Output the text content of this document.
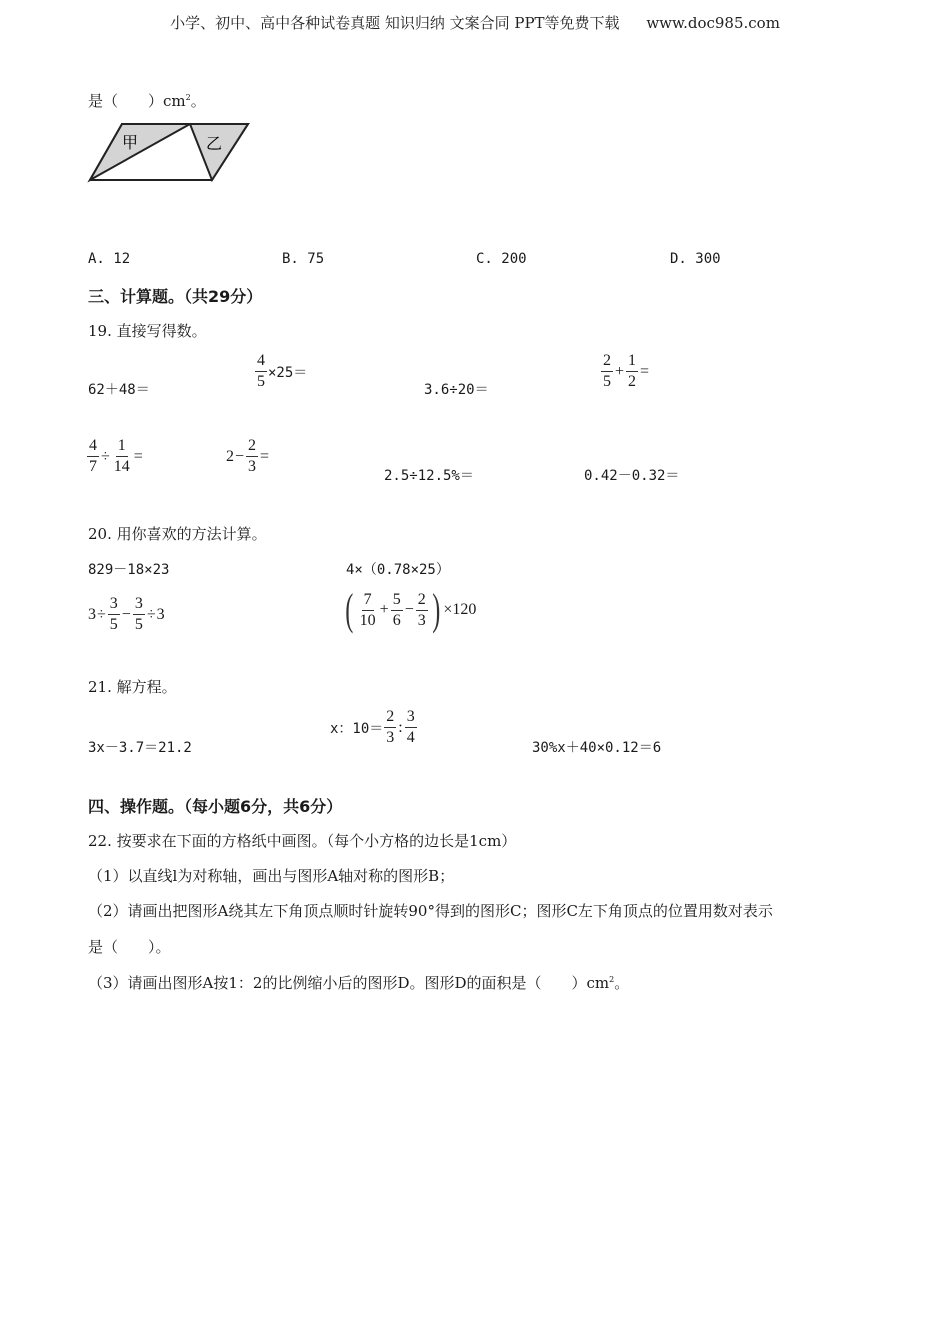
小学、初中、高中各种试卷真题 知识归纳 文案合同 PPT等免费下载 www.doc985.com
是（　　）$cm^2$。
甲	乙
A. 12	B. 75	C. 200	D. 300
三、计算题。（共29分）
19. 直接写得数。
62＋48＝	$\frac{4}{5} \times 25=$
3.6÷20＝	$\frac{2}{5} + \frac{1}{2}$ =
$\frac{4}{7} \div \frac{1}{14}$ =	$2 - \frac{2}{3}$ =
2.5÷12.5%＝	0.42－0.32＝
20. 用你喜欢的方法计算。
829－18×23	4×（0.78×25）
$3 \div \frac{3}{5} - \frac{3}{5} \div 3$	( $\frac{7}{10} + \frac{5}{6} - \frac{2}{3}$ ) ×120
21. 解方程。
3x－3.7＝21.2
x：$10= \frac{2}{3}$ : $\frac{3}{4}$
30%x＋40×0.12＝6
四、操作题。（每小题6分，共6分）
22. 按要求在下面的方格纸中画图。（每个小方格的边长是1cm）
（1）以直线l为对称轴，画出与图形A轴对称的图形B；
（2）请画出把图形A绕其左下角顶点顺时针旋转90°得到的图形C；图形C左下角顶点的位置用数对表示
是（　　）。
（3）请画出图形A按1：2的比例缩小后的图形D。图形D的面积是（　　）$cm^2$。
